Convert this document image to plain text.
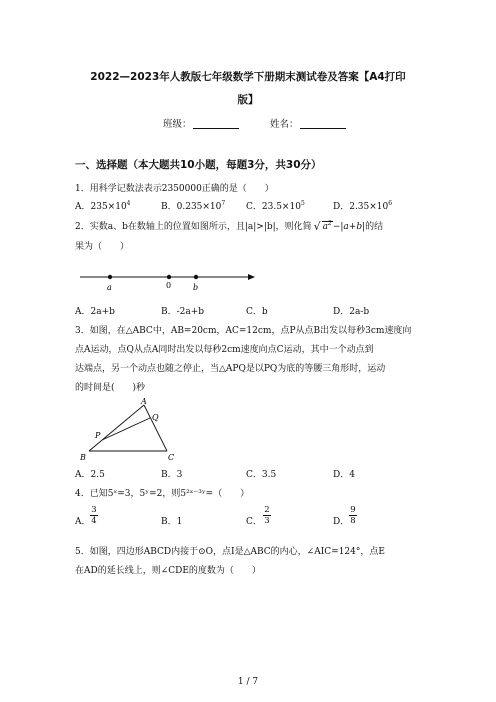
2022—2023年人教版七年级数学下册期末测试卷及答案【A4打印
版】
班级：	姓名：
一、选择题（本大题共10小题，每题3分，共30分）
1．用科学记数法表示2350000正确的是（　　）
A．$235\times 10^4$	B．$0.235\times 10^7$ C．$23.5\times 10^5$	D．$2.35\times 10^6$
2．实数a、b在数轴上的位置如图所示，且|a|>|b|，则化简 √ $a^2-|a+b|$的结
果为（　　）
a	0	b
A．2a+b	B．-2a+b	C．b	D．2a-b
3．如图，在△ABC中，AB=20cm，AC=12cm，点P从点B出发以每秒3cm速度向
点A运动，点Q从点A同时出发以每秒2cm速度向点C运动，其中一个动点到
达端点，另一个动点也随之停止，当△APQ是以PQ为底的等腰三角形时，运动
的时间是(　　)秒
A
B	C
P
Q
A．2.5	B．3	C．3.5	D．4
4．已知5ˣ=3，5ʸ=2，则5²ˣ⁻³ʸ=（　　）
A．
3
4	B．1	C．
2
3	D．
9
8
5．如图，四边形ABCD内接于⊙O，点I是△ABC的内心，∠AIC=124°，点E
在AD的延长线上，则∠CDE的度数为（　　）
1 / 7
